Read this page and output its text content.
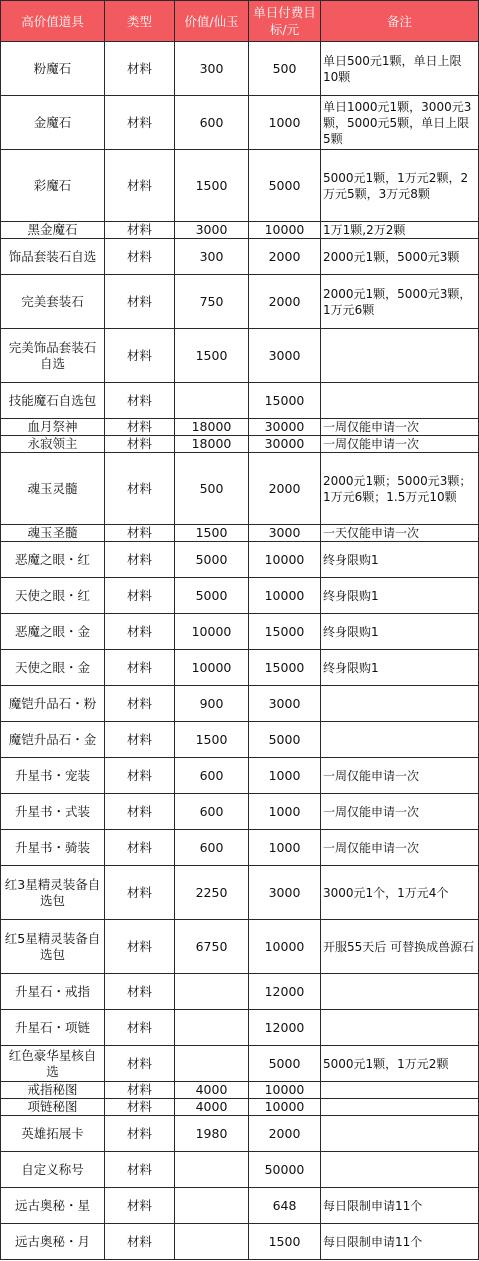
高价值道具	类型	价值/仙玉	单日付费目标/元	备注
粉魔石	材料	300	500	单日500元1颗，单日上限10颗
金魔石	材料	600	1000	单日1000元1颗，3000元3颗，5000元5颗，单日上限5颗
彩魔石	材料	1500	5000	5000元1颗，1万元2颗，2万元5颗，3万元8颗
黑金魔石	材料	3000	10000	1万1颗,2万2颗
饰品套装石自选	材料	300	2000	2000元1颗，5000元3颗
完美套装石	材料	750	2000	2000元1颗，5000元3颗，1万元6颗
完美饰品套装石自选	材料	1500	3000	
技能魔石自选包	材料		15000	
血月祭神	材料	18000	30000	一周仅能申请一次
永寂领主	材料	18000	30000	一周仅能申请一次
魂玉灵髓	材料	500	2000	2000元1颗；5000元3颗；1万元6颗；1.5万元10颗
魂玉圣髓	材料	1500	3000	一天仅能申请一次
恶魔之眼・红	材料	5000	10000	终身限购1
天使之眼・红	材料	5000	10000	终身限购1
恶魔之眼・金	材料	10000	15000	终身限购1
天使之眼・金	材料	10000	15000	终身限购1
魔铠升品石・粉	材料	900	3000	
魔铠升品石・金	材料	1500	5000	
升星书・宠装	材料	600	1000	一周仅能申请一次
升星书・式装	材料	600	1000	一周仅能申请一次
升星书・骑装	材料	600	1000	一周仅能申请一次
红3星精灵装备自选包	材料	2250	3000	3000元1个，1万元4个
红5星精灵装备自选包	材料	6750	10000	开服55天后 可替换成兽源石
升星石・戒指	材料		12000	
升星石・项链	材料		12000	
红色豪华星核自选	材料		5000	5000元1颗，1万元2颗
戒指秘图	材料	4000	10000	
项链秘图	材料	4000	10000	
英雄拓展卡	材料	1980	2000	
自定义称号	材料		50000	
远古奥秘・星	材料		648	每日限制申请11个
远古奥秘・月	材料		1500	每日限制申请11个
